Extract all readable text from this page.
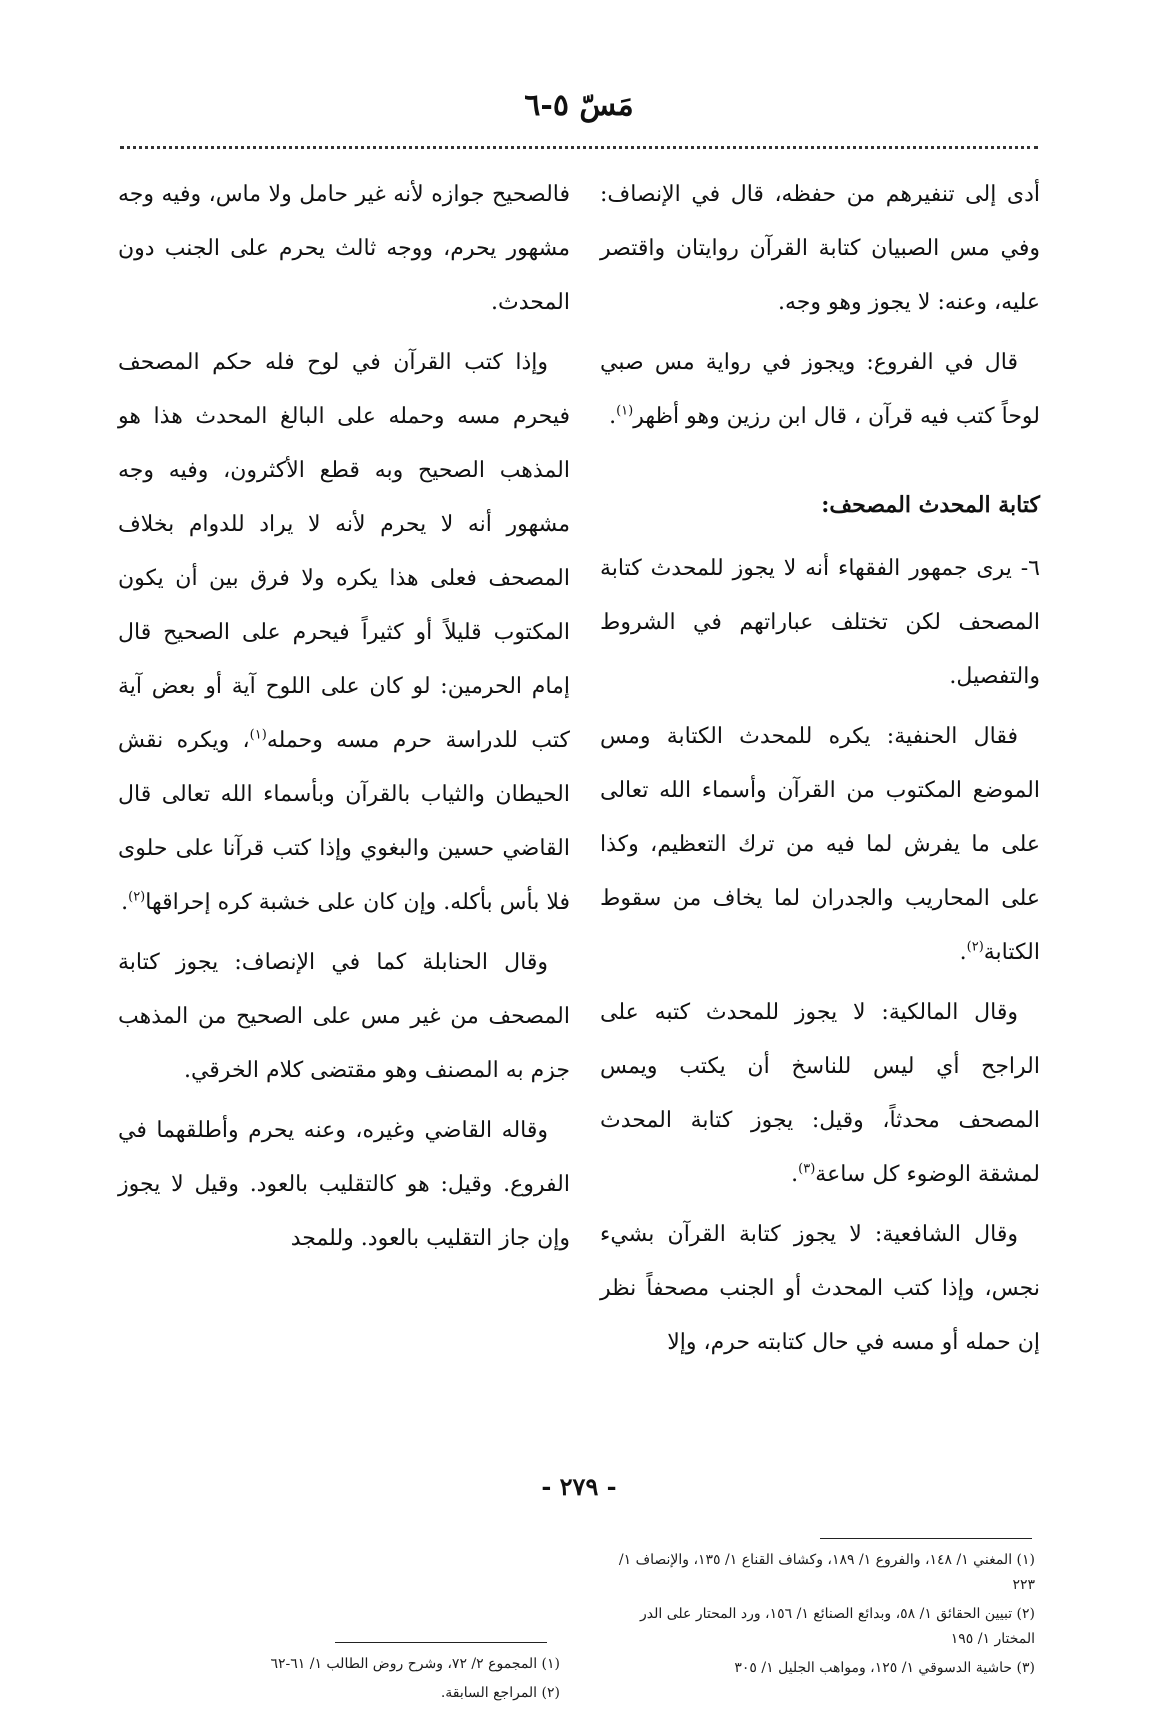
مَسّ ٥-٦

أدى إلى تنفيرهم من حفظه، قال في الإنصاف: وفي مس الصبيان كتابة القرآن روايتان واقتصر عليه، وعنه: لا يجوز وهو وجه.

قال في الفروع: ويجوز في رواية مس صبي لوحاً كتب فيه قرآن ، قال ابن رزين وهو أظهر$^{(١)}$.

كتابة المحدث المصحف:

٦- يرى جمهور الفقهاء أنه لا يجوز للمحدث كتابة المصحف لكن تختلف عباراتهم في الشروط والتفصيل.

فقال الحنفية: يكره للمحدث الكتابة ومس الموضع المكتوب من القرآن وأسماء الله تعالى على ما يفرش لما فيه من ترك التعظيم، وكذا على المحاريب والجدران لما يخاف من سقوط الكتابة$^{(٢)}$.

وقال المالكية: لا يجوز للمحدث كتبه على الراجح أي ليس للناسخ أن يكتب ويمس المصحف محدثاً، وقيل: يجوز كتابة المحدث لمشقة الوضوء كل ساعة$^{(٣)}$.

وقال الشافعية: لا يجوز كتابة القرآن بشيء نجس، وإذا كتب المحدث أو الجنب مصحفاً نظر إن حمله أو مسه في حال كتابته حرم، وإلا

فالصحيح جوازه لأنه غير حامل ولا ماس، وفيه وجه مشهور يحرم، ووجه ثالث يحرم على الجنب دون المحدث.

وإذا كتب القرآن في لوح فله حكم المصحف فيحرم مسه وحمله على البالغ المحدث هذا هو المذهب الصحيح وبه قطع الأكثرون، وفيه وجه مشهور أنه لا يحرم لأنه لا يراد للدوام بخلاف المصحف فعلى هذا يكره ولا فرق بين أن يكون المكتوب قليلاً أو كثيراً فيحرم على الصحيح قال إمام الحرمين: لو كان على اللوح آية أو بعض آية كتب للدراسة حرم مسه وحمله$^{(١)}$، ويكره نقش الحيطان والثياب بالقرآن وبأسماء الله تعالى قال القاضي حسين والبغوي وإذا كتب قرآنا على حلوى فلا بأس بأكله. وإن كان على خشبة كره إحراقها$^{(٢)}$.

وقال الحنابلة كما في الإنصاف: يجوز كتابة المصحف من غير مس على الصحيح من المذهب جزم به المصنف وهو مقتضى كلام الخرقي.

وقاله القاضي وغيره، وعنه يحرم وأطلقهما في الفروع. وقيل: هو كالتقليب بالعود. وقيل لا يجوز وإن جاز التقليب بالعود. وللمجد

(١) المغني ١/ ١٤٨، والفروع ١/ ١٨٩، وكشاف القناع ١/ ١٣٥، والإنصاف ١/ ٢٢٣

(٢) تبيين الحقائق ١/ ٥٨، وبدائع الصنائع ١/ ١٥٦، ورد المحتار على الدر المختار ١/ ١٩٥

(٣) حاشية الدسوقي ١/ ١٢٥، ومواهب الجليل ١/ ٣٠٥

(١) المجموع ٢/ ٧٢، وشرح روض الطالب ١/ ٦١-٦٢

(٢) المراجع السابقة.

- ٢٧٩ -
